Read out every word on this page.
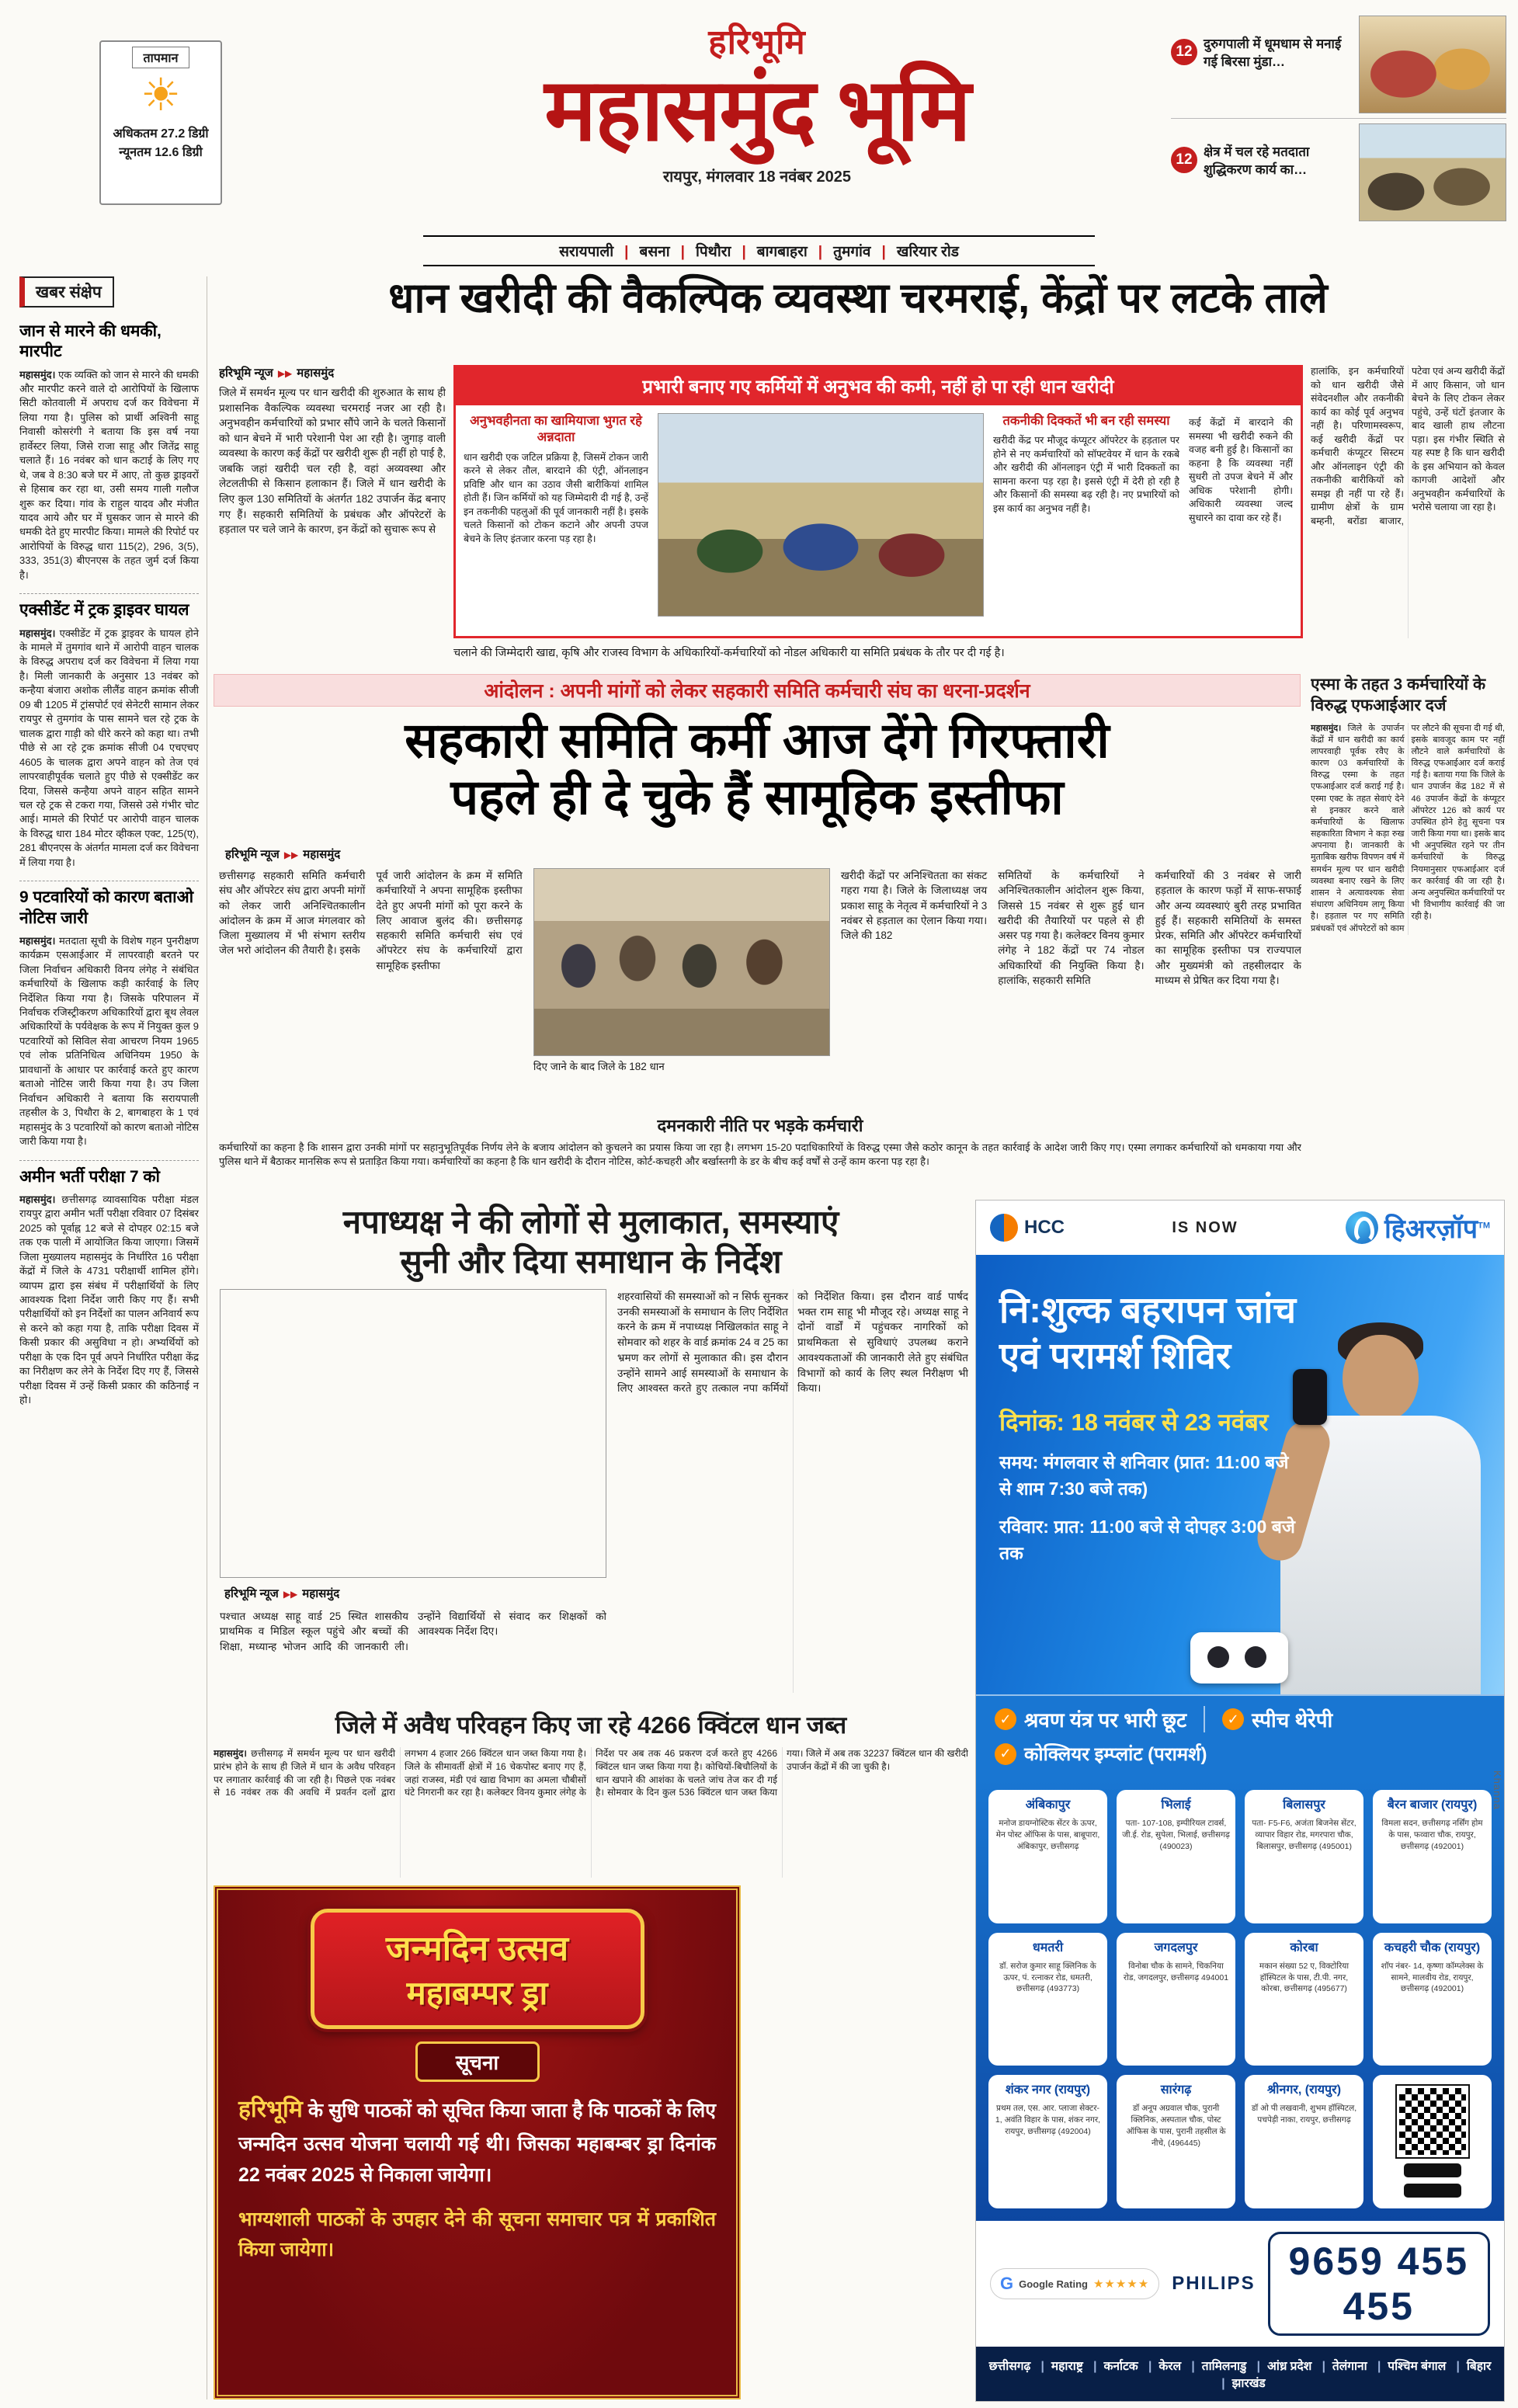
तापमान
☀
अधिकतम 27.2 डिग्री
न्यूनतम 12.6 डिग्री
हरिभूमि
महासमुंद भूमि
रायपुर, मंगलवार 18 नवंबर 2025
12 दुरुगपाली में धूमधाम से मनाई गई बिरसा मुंडा…
12 क्षेत्र में चल रहे मतदाता शुद्धिकरण कार्य का…
सरायपाली	| बसना	| पिथौरा	| बागबाहरा	| तुमगांव	| खरियार रोड
खबर संक्षेप
जान से मारने की धमकी, मारपीट
महासमुंद। एक व्यक्ति को जान से मारने की धमकी और मारपीट करने वाले दो आरोपियों के खिलाफ सिटी कोतवाली में अपराध दर्ज कर विवेचना में लिया गया है। पुलिस को प्रार्थी अश्विनी साहू निवासी कोसरंगी ने बताया कि इस वर्ष नया हार्वेस्टर लिया, जिसे राजा साहू और जितेंद्र साहू चलाते हैं। 16 नवंबर को धान कटाई के लिए गए थे, जब वे 8:30 बजे घर में आए, तो कुछ ड्राइवरों से हिसाब कर रहा था, उसी समय गाली गलौज शुरू कर दिया। गांव के राहुल यादव और मंजीत यादव आये और घर में घुसकर जान से मारने की धमकी देते हुए मारपीट किया। मामले की रिपोर्ट पर आरोपियों के विरुद्ध धारा 115(2), 296, 3(5), 333, 351(3) बीएनएस के तहत जुर्म दर्ज किया है।
एक्सीडेंट में ट्रक ड्राइवर घायल
महासमुंद। एक्सीडेंट में ट्रक ड्राइवर के घायल होने के मामले में तुमगांव थाने में आरोपी वाहन चालक के विरुद्ध अपराध दर्ज कर विवेचना में लिया गया है। मिली जानकारी के अनुसार 13 नवंबर को कन्हैया बंजारा अशोक लीलैंड वाहन क्रमांक सीजी 09 बी 1205 में ट्रांसपोर्ट एवं सेनेटरी सामान लेकर रायपुर से तुमगांव के पास सामने चल रहे ट्रक के चालक द्वारा गाड़ी को धीरे करने को कहा था। तभी पीछे से आ रहे ट्रक क्रमांक सीजी 04 एचएचए 4605 के चालक द्वारा अपने वाहन को तेज एवं लापरवाहीपूर्वक चलाते हुए पीछे से एक्सीडेंट कर दिया, जिससे कन्हैया अपने वाहन सहित सामने चल रहे ट्रक से टकरा गया, जिससे उसे गंभीर चोट आई। मामले की रिपोर्ट पर आरोपी वाहन चालक के विरुद्ध धारा 184 मोटर व्हीकल एक्ट, 125(ए), 281 बीएनएस के अंतर्गत मामला दर्ज कर विवेचना में लिया गया है।
9 पटवारियों को कारण बताओ नोटिस जारी
महासमुंद। मतदाता सूची के विशेष गहन पुनरीक्षण कार्यक्रम एसआईआर में लापरवाही बरतने पर जिला निर्वाचन अधिकारी विनय लंगेह ने संबंधित कर्मचारियों के खिलाफ कड़ी कार्रवाई के लिए निर्देशित किया गया है। जिसके परिपालन में निर्वाचक रजिस्ट्रीकरण अधिकारियों द्वारा बूथ लेवल अधिकारियों के पर्यवेक्षक के रूप में नियुक्त कुल 9 पटवारियों को सिविल सेवा आचरण नियम 1965 एवं लोक प्रतिनिधित्व अधिनियम 1950 के प्रावधानों के आधार पर कार्रवाई करते हुए कारण बताओ नोटिस जारी किया गया है। उप जिला निर्वाचन अधिकारी ने बताया कि सरायपाली तहसील के 3, पिथौरा के 2, बागबाहरा के 1 एवं महासमुंद के 3 पटवारियों को कारण बताओ नोटिस जारी किया गया है।
अमीन भर्ती परीक्षा 7 को
महासमुंद। छत्तीसगढ़ व्यावसायिक परीक्षा मंडल रायपुर द्वारा अमीन भर्ती परीक्षा रविवार 07 दिसंबर 2025 को पूर्वाह्न 12 बजे से दोपहर 02:15 बजे तक एक पाली में आयोजित किया जाएगा। जिसमें जिला मुख्यालय महासमुंद के निर्धारित 16 परीक्षा केंद्रों में जिले के 4731 परीक्षार्थी शामिल होंगे। व्यापम द्वारा इस संबंध में परीक्षार्थियों के लिए आवश्यक दिशा निर्देश जारी किए गए हैं। सभी परीक्षार्थियों को इन निर्देशों का पालन अनिवार्य रूप से करने को कहा गया है, ताकि परीक्षा दिवस में किसी प्रकार की असुविधा न हो। अभ्यर्थियों को परीक्षा के एक दिन पूर्व अपने निर्धारित परीक्षा केंद्र का निरीक्षण कर लेने के निर्देश दिए गए हैं, जिससे परीक्षा दिवस में उन्हें किसी प्रकार की कठिनाई न हो।
धान खरीदी की वैकल्पिक व्यवस्था चरमराई, केंद्रों पर लटके ताले
हरिभूमि न्यूज ▶▶ महासमुंद
जिले में समर्थन मूल्य पर धान खरीदी की शुरुआत के साथ ही प्रशासनिक वैकल्पिक व्यवस्था चरमराई नजर आ रही है। अनुभवहीन कर्मचारियों को प्रभार सौंपे जाने के चलते किसानों को धान बेचने में भारी परेशानी पेश आ रही है। जुगाड़ वाली व्यवस्था के कारण कई केंद्रों पर खरीदी शुरू ही नहीं हो पाई है, जबकि जहां खरीदी चल रही है, वहां अव्यवस्था और लेटलतीफी से किसान हलाकान हैं। जिले में धान खरीदी के लिए कुल 130 समितियों के अंतर्गत 182 उपार्जन केंद्र बनाए गए हैं। सहकारी समितियों के प्रबंधक और ऑपरेटरों के हड़ताल पर चले जाने के कारण, इन केंद्रों को सुचारू रूप से
प्रभारी बनाए गए कर्मियों में अनुभव की कमी, नहीं हो पा रही धान खरीदी
अनुभवहीनता का खामियाजा भुगत रहे अन्नदाता
धान खरीदी एक जटिल प्रक्रिया है, जिसमें टोकन जारी करने से लेकर तौल, बारदाने की एंट्री, ऑनलाइन प्रविष्टि और धान का उठाव जैसी बारीकियां शामिल होती हैं। जिन कर्मियों को यह जिम्मेदारी दी गई है, उन्हें इन तकनीकी पहलुओं की पूर्व जानकारी नहीं है। इसके चलते किसानों को टोकन कटाने और अपनी उपज बेचने के लिए इंतजार करना पड़ रहा है।
तकनीकी दिक्कतें भी बन रही समस्या
खरीदी केंद्र पर मौजूद कंप्यूटर ऑपरेटर के हड़ताल पर होने से नए कर्मचारियों को सॉफ्टवेयर में धान के रकबे और खरीदी की ऑनलाइन एंट्री में भारी दिक्कतों का सामना करना पड़ रहा है। इससे एंट्री में देरी हो रही है और किसानों की समस्या बढ़ रही है। नए प्रभारियों को इस कार्य का अनुभव नहीं है।
कई केंद्रों में बारदाने की समस्या भी खरीदी रुकने की वजह बनी हुई है। किसानों का कहना है कि व्यवस्था नहीं सुधरी तो उपज बेचने में और अधिक परेशानी होगी। अधिकारी व्यवस्था जल्द सुधारने का दावा कर रहे हैं।
हालांकि, इन कर्मचारियों को धान खरीदी जैसे संवेदनशील और तकनीकी कार्य का कोई पूर्व अनुभव नहीं है। परिणामस्वरूप, कई खरीदी केंद्रों पर कर्मचारी कंप्यूटर सिस्टम और ऑनलाइन एंट्री की तकनीकी बारीकियों को समझ ही नहीं पा रहे हैं। ग्रामीण क्षेत्रों के ग्राम बम्हनी, बरोंडा बाजार, पटेवा एवं अन्य खरीदी केंद्रों में आए किसान, जो धान बेचने के लिए टोकन लेकर पहुंचे, उन्हें घंटों इंतजार के बाद खाली हाथ लौटना पड़ा। इस गंभीर स्थिति से यह स्पष्ट है कि धान खरीदी के इस अभियान को केवल कागजी आदेशों और अनुभवहीन कर्मचारियों के भरोसे चलाया जा रहा है।
चलाने की जिम्मेदारी खाद्य, कृषि और राजस्व विभाग के अधिकारियों-कर्मचारियों को नोडल अधिकारी या समिति प्रबंधक के तौर पर दी गई है।
आंदोलन : अपनी मांगों को लेकर सहकारी समिति कर्मचारी संघ का धरना-प्रदर्शन
सहकारी समिति कर्मी आज देंगे गिरफ्तारी
पहले ही दे चुके हैं सामूहिक इस्तीफा
हरिभूमि न्यूज ▶▶ महासमुंद
छत्तीसगढ़ सहकारी समिति कर्मचारी संघ और ऑपरेटर संघ द्वारा अपनी मांगों को लेकर जारी अनिश्चितकालीन आंदोलन के क्रम में आज मंगलवार को जिला मुख्यालय में भी संभाग स्तरीय जेल भरो आंदोलन की तैयारी है। इसके
पूर्व जारी आंदोलन के क्रम में समिति कर्मचारियों ने अपना सामूहिक इस्तीफा देते हुए अपनी मांगों को पूरा करने के लिए आवाज बुलंद की। छत्तीसगढ़ सहकारी समिति कर्मचारी संघ एवं ऑपरेटर संघ के कर्मचारियों द्वारा सामूहिक इस्तीफा
दिए जाने के बाद जिले के 182 धान
खरीदी केंद्रों पर अनिश्चितता का संकट गहरा गया है। जिले के जिलाध्यक्ष जय प्रकाश साहू के नेतृत्व में कर्मचारियों ने 3 नवंबर से हड़ताल का ऐलान किया गया। जिले की 182
समितियों के कर्मचारियों ने अनिश्चितकालीन आंदोलन शुरू किया, जिससे 15 नवंबर से शुरू हुई धान खरीदी की तैयारियों पर पहले से ही असर पड़ गया है। कलेक्टर विनय कुमार लंगेह ने 182 केंद्रों पर 74 नोडल अधिकारियों की नियुक्ति किया है। हालांकि, सहकारी समिति
कर्मचारियों की 3 नवंबर से जारी हड़ताल के कारण फड़ों में साफ-सफाई और अन्य व्यवस्थाएं बुरी तरह प्रभावित हुई हैं। सहकारी समितियों के समस्त प्रेरक, समिति और ऑपरेटर कर्मचारियों का सामूहिक इस्तीफा पत्र राज्यपाल और मुख्यमंत्री को तहसीलदार के माध्यम से प्रेषित कर दिया गया है।
दमनकारी नीति पर भड़के कर्मचारी
कर्मचारियों का कहना है कि शासन द्वारा उनकी मांगों पर सहानुभूतिपूर्वक निर्णय लेने के बजाय आंदोलन को कुचलने का प्रयास किया जा रहा है। लगभग 15-20 पदाधिकारियों के विरुद्ध एस्मा जैसे कठोर कानून के तहत कार्रवाई के आदेश जारी किए गए। एस्मा लगाकर कर्मचारियों को धमकाया गया और पुलिस थाने में बैठाकर मानसिक रूप से प्रताड़ित किया गया। कर्मचारियों का कहना है कि धान खरीदी के दौरान नोटिस, कोर्ट-कचहरी और बर्खास्तगी के डर के बीच कई वर्षों से उन्हें काम करना पड़ रहा है।
एस्मा के तहत 3 कर्मचारियों के विरुद्ध एफआईआर दर्ज
महासमुंद। जिले के उपार्जन केंद्रों में धान खरीदी का कार्य लापरवाही पूर्वक रवैए के कारण 03 कर्मचारियों के विरुद्ध एस्मा के तहत एफआईआर दर्ज कराई गई है। एस्मा एक्ट के तहत सेवाएं देने से इनकार करने वाले कर्मचारियों के खिलाफ सहकारिता विभाग ने कड़ा रुख अपनाया है। जानकारी के मुताबिक खरीफ विपणन वर्ष में समर्थन मूल्य पर धान खरीदी व्यवस्था बनाए रखने के लिए शासन ने अत्यावश्यक सेवा संधारण अधिनियम लागू किया है। हड़ताल पर गए समिति प्रबंधकों एवं ऑपरेटरों को काम पर लौटने की सूचना दी गई थी, इसके बावजूद काम पर नहीं लौटने वाले कर्मचारियों के विरुद्ध एफआईआर दर्ज कराई गई है। बताया गया कि जिले के धान उपार्जन केंद्र 182 में से 46 उपार्जन केंद्रों के कंप्यूटर ऑपरेटर 126 को कार्य पर उपस्थित होने हेतु सूचना पत्र जारी किया गया था। इसके बाद भी अनुपस्थित रहने पर तीन कर्मचारियों के विरुद्ध नियमानुसार एफआईआर दर्ज कर कार्रवाई की जा रही है। अन्य अनुपस्थित कर्मचारियों पर भी विभागीय कार्रवाई की जा रही है।
नपाध्यक्ष ने की लोगों से मुलाकात, समस्याएं
सुनी और दिया समाधान के निर्देश
हरिभूमि न्यूज ▶▶ महासमुंद
शहरवासियों की समस्याओं को न सिर्फ सुनकर उनकी समस्याओं के समाधान के लिए निर्देशित करने के क्रम में नपाध्यक्ष निखिलकांत साहू ने सोमवार को शहर के वार्ड क्रमांक 24 व 25 का भ्रमण कर लोगों से मुलाकात की। इस दौरान उन्होंने सामने आई समस्याओं के समाधान के लिए आश्वस्त करते हुए तत्काल नपा कर्मियों को निर्देशित किया। इस दौरान वार्ड पार्षद भक्त राम साहू भी मौजूद रहे। अध्यक्ष साहू ने दोनों वार्डों में पहुंचकर नागरिकों को प्राथमिकता से सुविधाएं उपलब्ध कराने आवश्यकताओं की जानकारी लेते हुए संबंधित विभागों को कार्य के लिए स्थल निरीक्षण भी किया।
पश्चात अध्यक्ष साहू वार्ड 25 स्थित शासकीय प्राथमिक व मिडिल स्कूल पहुंचे और बच्चों की शिक्षा, मध्यान्ह भोजन आदि की जानकारी ली। उन्होंने विद्यार्थियों से संवाद कर शिक्षकों को आवश्यक निर्देश दिए।
जिले में अवैध परिवहन किए जा रहे 4266 क्विंटल धान जब्त
महासमुंद। छत्तीसगढ़ में समर्थन मूल्य पर धान खरीदी प्रारंभ होने के साथ ही जिले में धान के अवैध परिवहन पर लगातार कार्रवाई की जा रही है। पिछले एक नवंबर से 16 नवंबर तक की अवधि में प्रवर्तन दलों द्वारा लगभग 4 हजार 266 क्विंटल धान जब्त किया गया है। जिले के सीमावर्ती क्षेत्रों में 16 चेकपोस्ट बनाए गए हैं, जहां राजस्व, मंडी एवं खाद्य विभाग का अमला चौबीसों घंटे निगरानी कर रहा है। कलेक्टर विनय कुमार लंगेह के निर्देश पर अब तक 46 प्रकरण दर्ज करते हुए 4266 क्विंटल धान जब्त किया गया है। कोचियों-बिचौलियों के धान खपाने की आशंका के चलते जांच तेज कर दी गई है। सोमवार के दिन कुल 536 क्विंटल धान जब्त किया गया। जिले में अब तक 32237 क्विंटल धान की खरीदी उपार्जन केंद्रों में की जा चुकी है।
जन्मदिन उत्सव
महाबम्पर ड्रा
सूचना
हरिभूमि के सुधि पाठकों को सूचित किया जाता है कि पाठकों के लिए जन्मदिन उत्सव योजना चलायी गई थी। जिसका महाबम्बर ड्रा दिनांक 22 नवंबर 2025 से निकाला जायेगा।
भाग्यशाली पाठकों के उपहार देने की सूचना समाचार पत्र में प्रकाशित किया जायेगा।
HCC	IS NOW	हिअरज़ॉप™
नि:शुल्क बहरापन जांच
एवं परामर्श शिविर
दिनांक: 18 नवंबर से 23 नवंबर
समय: मंगलवार से शनिवार (प्रात: 11:00 बजे से शाम 7:30 बजे तक)
रविवार: प्रात: 11:00 बजे से दोपहर 3:00 बजे तक
✓
श्रवण यंत्र पर भारी छूट ✓	स्पीच थेरेपी
✓
कोक्लियर इम्प्लांट (परामर्श)
अंबिकापुर
मनोज डायग्नोस्टिक सेंटर के ऊपर, मेन पोस्ट ऑफिस के पास, बाबूपारा, अंबिकापुर, छत्तीसगढ़
भिलाई
पता- 107-108, इम्पीरियल टावर्स, जी.ई. रोड, सुपेला, भिलाई, छत्तीसगढ़ (490023)
बिलासपुर
पता- F5-F6, अजंता बिजनेस सेंटर, व्यापार विहार रोड, मगरपारा चौक, बिलासपुर, छत्तीसगढ़ (495001)
बैरन बाजार (रायपुर)
विमला सदन, छत्तीसगढ़ नर्सिंग होम के पास, फव्वारा चौक, रायपुर, छत्तीसगढ़ (492001)
धमतरी
डॉ. सरोज कुमार साहू क्लिनिक के ऊपर, पं. रत्नाकर रोड, धमतरी, छत्तीसगढ़ (493773)
जगदलपुर
विनोबा चौक के सामने, चिकनिया रोड, जगदलपुर, छत्तीसगढ़ 494001
कोरबा
मकान संख्या 52 ए, विक्टोरिया हॉस्पिटल के पास, टी.पी. नगर, कोरबा, छत्तीसगढ़ (495677)
कचहरी चौक (रायपुर)
शॉप नंबर- 14, कृष्णा कॉम्प्लेक्स के सामने, मालवीय रोड, रायपुर, छत्तीसगढ़ (492001)
शंकर नगर (रायपुर)
प्रथम तल, एस. आर. प्लाजा सेक्टर- 1, अवंति विहार के पास, शंकर नगर, रायपुर, छत्तीसगढ़ (492004)
सारंगढ़
डॉ अनूप अग्रवाल चौक, पुरानी क्लिनिक, अस्पताल चौक, पोस्ट ऑफिस के पास, पुरानी तहसील के नीचे, (496445)
श्रीनगर, (रायपुर)
डॉ ओ पी लखवानी, शुभम हॉस्पिटल, पचपेड़ी नाका, रायपुर, छत्तीसगढ़
G Google Rating ★★★★★ PHILIPS
9659 455 455
छत्तीसगढ़ | महाराष्ट्र | कर्नाटक | केरल | तामिलनाडु | आंध्र प्रदेश | तेलंगाना | पश्चिम बंगाल | बिहार | झारखंड
Khanna
